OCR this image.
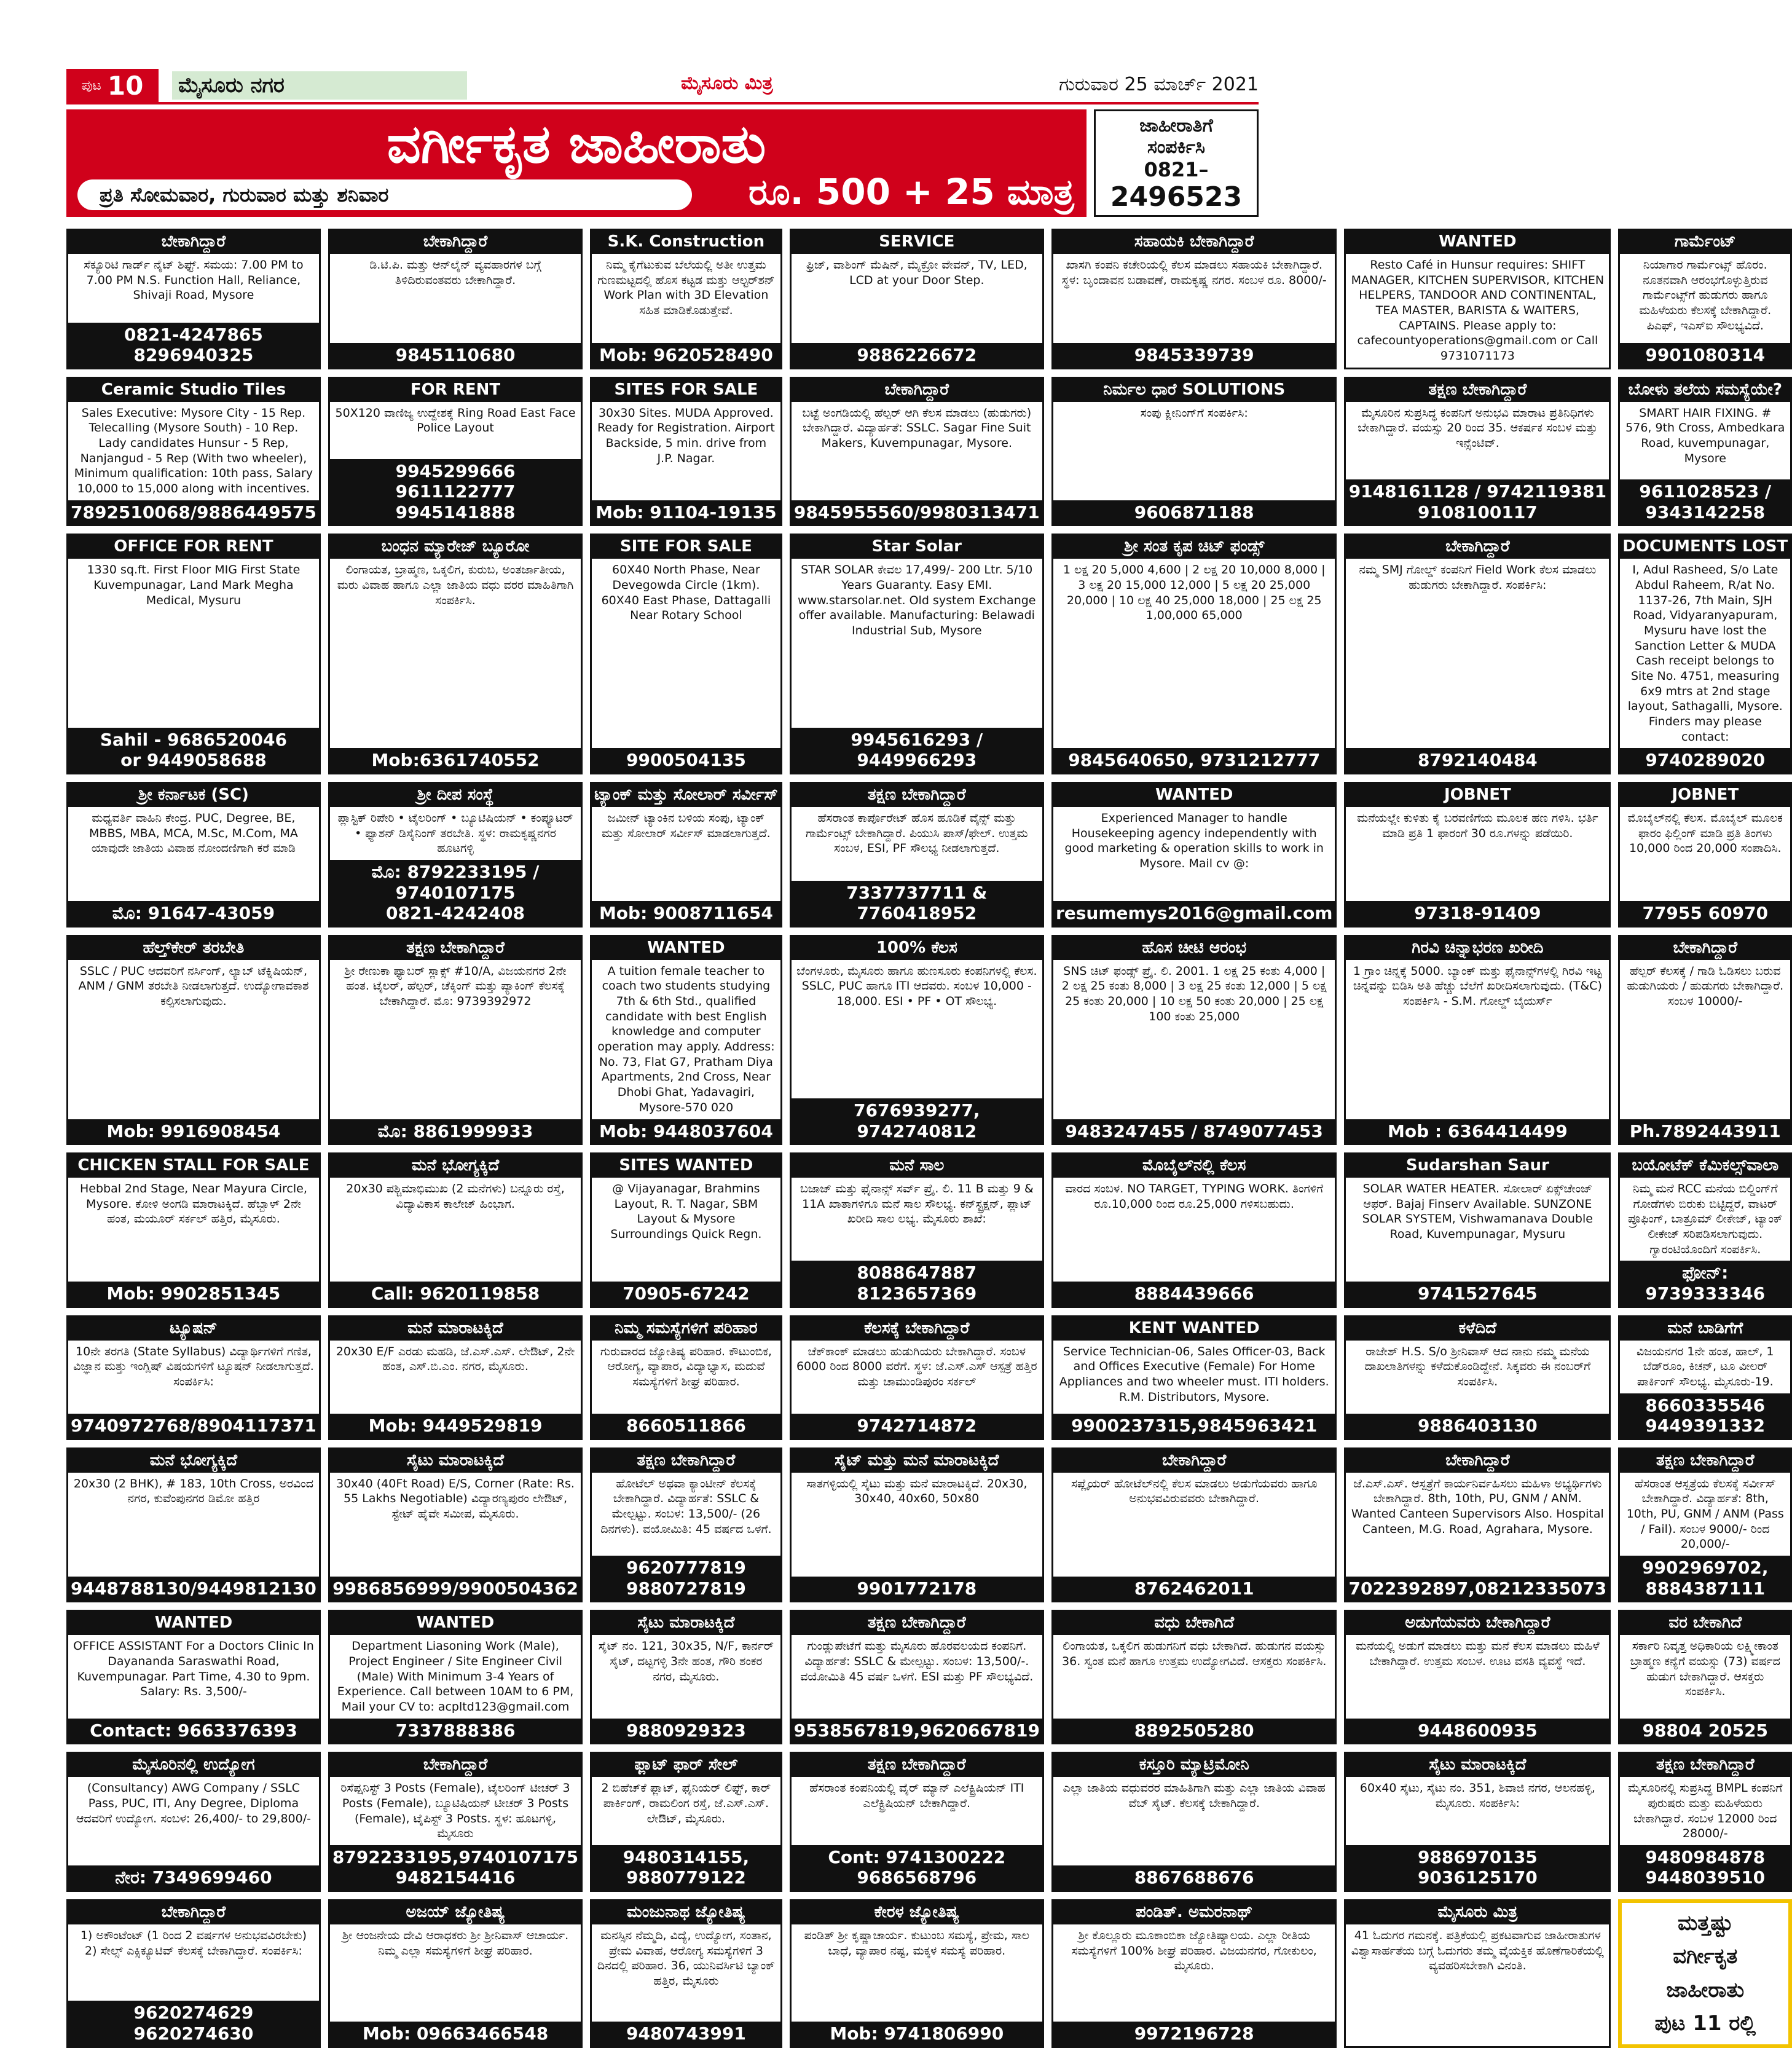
ಪುಟ 10 ಮೈಸೂರು ನಗರ	ಮೈಸೂರು ಮಿತ್ರ	ಗುರುವಾರ 25 ಮಾರ್ಚ್ 2021
ವರ್ಗೀಕೃತ ಜಾಹೀರಾತು
ಪ್ರತಿ ಸೋಮವಾರ, ಗುರುವಾರ ಮತ್ತು ಶನಿವಾರ	ರೂ. 500 + 25 ಮಾತ್ರ
ಜಾಹೀರಾತಿಗೆ
ಸಂಪರ್ಕಿಸಿ
0821–
2496523
ಬೇಕಾಗಿದ್ದಾರೆ
ಸೆಕ್ಯೂರಿಟಿ ಗಾರ್ಡ್ ನೈಟ್ ಶಿಫ್ಟ್. ಸಮಯ: 7.00 PM to 7.00 PM N.S. Function Hall, Reliance, Shivaji Road, Mysore
0821-4247865
8296940325
ಬೇಕಾಗಿದ್ದಾರೆ
ಡಿ.ಟಿ.ಪಿ. ಮತ್ತು ಆನ್‌ಲೈನ್ ವ್ಯವಹಾರಗಳ ಬಗ್ಗೆ ತಿಳಿದಿರುವಂತವರು ಬೇಕಾಗಿದ್ದಾರೆ.
9845110680
S.K. Construction
ನಿಮ್ಮ ಕೈಗೆಟುಕುವ ಬೆಲೆಯಲ್ಲಿ ಅತೀ ಉತ್ತಮ ಗುಣಮಟ್ಟದಲ್ಲಿ ಹೊಸ ಕಟ್ಟಡ ಮತ್ತು ಆಲ್ಟರ್‌ಶನ್ Work Plan with 3D Elevation ಸಹಿತ ಮಾಡಿಕೊಡುತ್ತೇವೆ.
Mob: 9620528490
SERVICE
ಫ್ರಿಜ್, ವಾಶಿಂಗ್ ಮೆಷಿನ್, ಮೈಕ್ರೋ ವೇವನ್, TV, LED, LCD at your Door Step.
9886226672
ಸಹಾಯಕಿ ಬೇಕಾಗಿದ್ದಾರೆ
ಖಾಸಗಿ ಕಂಪನಿ ಕಚೇರಿಯಲ್ಲಿ ಕೆಲಸ ಮಾಡಲು ಸಹಾಯಕಿ ಬೇಕಾಗಿದ್ದಾರೆ. ಸ್ಥಳ: ಬೃಂದಾವನ ಬಡಾವಣೆ, ರಾಮಕೃಷ್ಣ ನಗರ. ಸಂಬಳ ರೂ. 8000/-
9845339739
WANTED
Resto Café in Hunsur requires: SHIFT MANAGER, KITCHEN SUPERVISOR, KITCHEN HELPERS, TANDOOR AND CONTINENTAL, TEA MASTER, BARISTA & WAITERS, CAPTAINS. Please apply to: cafecountyoperations@gmail.com or Call 9731071173
ಗಾರ್ಮೆಂಟ್
ನಿಯಾಗಾರ ಗಾರ್ಮೆಂಟ್ಸ್ ಹೊರಂ. ನೂತನವಾಗಿ ಆರಂಭಗೊಳ್ಳುತ್ತಿರುವ ಗಾರ್ಮೆಂಟ್ಸ್‌ಗೆ ಹುಡುಗರು ಹಾಗೂ ಮಹಿಳೆಯರು ಕೆಲಸಕ್ಕೆ ಬೇಕಾಗಿದ್ದಾರೆ. ಪಿಎಫ್, ಇಎಸ್‌ಐ ಸೌಲಭ್ಯವಿದೆ.
9901080314
Ceramic Studio Tiles
Sales Executive: Mysore City - 15 Rep. Telecalling (Mysore South) - 10 Rep. Lady candidates Hunsur - 5 Rep, Nanjangud - 5 Rep (With two wheeler), Minimum qualification: 10th pass, Salary 10,000 to 15,000 along with incentives.
7892510068/9886449575
FOR RENT
50X120 ವಾಣಿಜ್ಯ ಉದ್ದೇಶಕ್ಕೆ Ring Road East Face Police Layout
9945299666
9611122777
9945141888
SITES FOR SALE
30x30 Sites. MUDA Approved. Ready for Registration. Airport Backside, 5 min. drive from J.P. Nagar.
Mob: 91104-19135
ಬೇಕಾಗಿದ್ದಾರೆ
ಬಟ್ಟೆ ಅಂಗಡಿಯಲ್ಲಿ ಹೆಲ್ಪರ್ ಆಗಿ ಕೆಲಸ ಮಾಡಲು (ಹುಡುಗರು) ಬೇಕಾಗಿದ್ದಾರೆ. ವಿದ್ಯಾರ್ಹತೆ: SSLC. Sagar Fine Suit Makers, Kuvempunagar, Mysore.
9845955560/9980313471
ನಿರ್ಮಲ ಧಾರೆ SOLUTIONS
ಸಂಪು ಕ್ಲೀನಿಂಗ್‌ಗೆ ಸಂಪರ್ಕಿಸಿ:
9606871188
ತಕ್ಷಣ ಬೇಕಾಗಿದ್ದಾರೆ
ಮೈಸೂರಿನ ಸುಪ್ರಸಿದ್ಧ ಕಂಪನಿಗೆ ಅನುಭವಿ ಮಾರಾಟ ಪ್ರತಿನಿಧಿಗಳು ಬೇಕಾಗಿದ್ದಾರೆ. ವಯಸ್ಸು 20 ರಿಂದ 35. ಆಕರ್ಷಕ ಸಂಬಳ ಮತ್ತು ಇನ್ಸೆಂಟಿವ್.
9148161128 / 9742119381
9108100117
ಬೋಳು ತಲೆಯ ಸಮಸ್ಯೆಯೇ?
SMART HAIR FIXING. # 576, 9th Cross, Ambedkara Road, kuvempunagar, Mysore
9611028523 / 9343142258
OFFICE FOR RENT
1330 sq.ft. First Floor MIG First State Kuvempunagar, Land Mark Megha Medical, Mysuru
Sahil - 9686520046
or 9449058688
ಬಂಧನ ಮ್ಯಾರೇಜ್ ಬ್ಯೂರೋ
ಲಿಂಗಾಯತ, ಬ್ರಾಹ್ಮಣ, ಒಕ್ಕಲಿಗ, ಕುರುಬ, ಅಂತರ್ಜಾತೀಯ, ಮರು ವಿವಾಹ ಹಾಗೂ ಎಲ್ಲಾ ಜಾತಿಯ ವಧು ವರರ ಮಾಹಿತಿಗಾಗಿ ಸಂಪರ್ಕಿಸಿ.
Mob:6361740552
SITE FOR SALE
60X40 North Phase, Near Devegowda Circle (1km). 60X40 East Phase, Dattagalli Near Rotary School
9900504135
Star Solar
STAR SOLAR ಕೇವಲ 17,499/- 200 Ltr. 5/10 Years Guaranty. Easy EMI. www.starsolar.net. Old system Exchange offer available. Manufacturing: Belawadi Industrial Sub, Mysore
9945616293 / 9449966293
ಶ್ರೀ ಸಂತ ಕೃಪ ಚಿಟ್ ಫಂಡ್ಸ್
1 ಲಕ್ಷ 20 5,000 4,600 | 2 ಲಕ್ಷ 20 10,000 8,000 | 3 ಲಕ್ಷ 20 15,000 12,000 | 5 ಲಕ್ಷ 20 25,000 20,000 | 10 ಲಕ್ಷ 40 25,000 18,000 | 25 ಲಕ್ಷ 25 1,00,000 65,000
9845640650, 9731212777
ಬೇಕಾಗಿದ್ದಾರೆ
ನಮ್ಮ SMJ ಗೋಲ್ಡ್ ಕಂಪನಿಗೆ Field Work ಕೆಲಸ ಮಾಡಲು ಹುಡುಗರು ಬೇಕಾಗಿದ್ದಾರೆ. ಸಂಪರ್ಕಿಸಿ:
8792140484
DOCUMENTS LOST
I, Adul Rasheed, S/o Late Abdul Raheem, R/at No. 1137-26, 7th Main, SJH Road, Vidyaranyapuram, Mysuru have lost the Sanction Letter & MUDA Cash receipt belongs to Site No. 4751, measuring 6x9 mtrs at 2nd stage layout, Sathagalli, Mysore. Finders may please contact:
9740289020
ಶ್ರೀ ಕರ್ನಾಟಕ (SC)
ಮಧ್ಯವರ್ತಿ ವಾಹಿನಿ ಕೇಂದ್ರ. PUC, Degree, BE, MBBS, MBA, MCA, M.Sc, M.Com, MA ಯಾವುದೇ ಜಾತಿಯ ವಿವಾಹ ನೋಂದಣಿಗಾಗಿ ಕರೆ ಮಾಡಿ
ಮೊ: 91647-43059
ಶ್ರೀ ದೀಪ ಸಂಸ್ಥೆ
ಪ್ಲಾಸ್ಟಿಕ್ ರಿಪೇರಿ • ಟೈಲರಿಂಗ್ • ಬ್ಯೂಟಿಷಿಯನ್ • ಕಂಪ್ಯೂಟರ್ • ಫ್ಯಾಶನ್ ಡಿಸೈನಿಂಗ್ ತರಬೇತಿ. ಸ್ಥಳ: ರಾಮಕೃಷ್ಣನಗರ ಹೂಟಗಳ್ಳಿ
ಮೊ: 8792233195 / 9740107175
0821-4242408
ಟ್ಯಾಂಕ್ ಮತ್ತು ಸೋಲಾರ್ ಸರ್ವೀಸ್
ಜಮೀನ್ ಟ್ಯಾಂಕಿನ ಬಳಿಯ ಸಂಪು, ಟ್ಯಾಂಕ್ ಮತ್ತು ಸೋಲಾರ್ ಸರ್ವೀಸ್ ಮಾಡಲಾಗುತ್ತದೆ.
Mob: 9008711654
ತಕ್ಷಣ ಬೇಕಾಗಿದ್ದಾರೆ
ಹೆಸರಾಂತ ಕಾರ್ಪೊರೇಟ್ ಹೊಸ ಹೂಡಿಕೆ ವೈನ್ಸ್ ಮತ್ತು ಗಾರ್ಮೆಂಟ್ಸ್ ಬೇಕಾಗಿದ್ದಾರೆ. ಪಿಯುಸಿ ಪಾಸ್/ಫೇಲ್. ಉತ್ತಮ ಸಂಬಳ, ESI, PF ಸೌಲಭ್ಯ ನೀಡಲಾಗುತ್ತದೆ.
7337737711 & 7760418952
WANTED
Experienced Manager to handle Housekeeping agency independently with good marketing & operation skills to work in Mysore. Mail cv @:
resumemys2016@gmail.com
JOBNET
ಮನೆಯಲ್ಲೇ ಕುಳಿತು ಕೈ ಬರವಣಿಗೆಯ ಮೂಲಕ ಹಣ ಗಳಿಸಿ. ಭರ್ತಿ ಮಾಡಿ ಪ್ರತಿ 1 ಫಾರಂಗೆ 30 ರೂ.ಗಳನ್ನು ಪಡೆಯಿರಿ.
97318-91409
JOBNET
ಮೊಬೈಲ್‌ನಲ್ಲಿ ಕೆಲಸ. ಮೊಬೈಲ್ ಮೂಲಕ ಫಾರಂ ಫಿಲ್ಲಿಂಗ್ ಮಾಡಿ ಪ್ರತಿ ತಿಂಗಳು 10,000 ರಿಂದ 20,000 ಸಂಪಾದಿಸಿ.
77955 60970
ಹೆಲ್ತ್‌ಕೇರ್ ತರಬೇತಿ
SSLC / PUC ಆದವರಿಗೆ ನರ್ಸಿಂಗ್, ಲ್ಯಾಬ್ ಟೆಕ್ನಿಷಿಯನ್, ANM / GNM ತರಬೇತಿ ನೀಡಲಾಗುತ್ತದೆ. ಉದ್ಯೋಗಾವಕಾಶ ಕಲ್ಪಿಸಲಾಗುವುದು.
Mob: 9916908454
ತಕ್ಷಣ ಬೇಕಾಗಿದ್ದಾರೆ
ಶ್ರೀ ರೇಣುಕಾ ಫ್ಯಾಬರ್ ಸ್ಲಾಕ್ಸ್ #10/A, ವಿಜಯನಗರ 2ನೇ ಹಂತ. ಟೈಲರ್, ಹೆಲ್ಪರ್, ಚೆಕ್ಕಿಂಗ್ ಮತ್ತು ಪ್ಯಾಕಿಂಗ್ ಕೆಲಸಕ್ಕೆ ಬೇಕಾಗಿದ್ದಾರೆ. ಮೊ: 9739392972
ಮೊ: 8861999933
WANTED
A tuition female teacher to coach two students studying 7th & 6th Std., qualified candidate with best English knowledge and computer operation may apply. Address: No. 73, Flat G7, Pratham Diya Apartments, 2nd Cross, Near Dhobi Ghat, Yadavagiri, Mysore-570 020
Mob: 9448037604
100% ಕೆಲಸ
ಬೆಂಗಳೂರು, ಮೈಸೂರು ಹಾಗೂ ಹುಣಸೂರು ಕಂಪನಿಗಳಲ್ಲಿ ಕೆಲಸ. SSLC, PUC ಹಾಗೂ ITI ಆದವರು. ಸಂಬಳ 10,000 - 18,000. ESI • PF • OT ಸೌಲಭ್ಯ.
7676939277, 9742740812
ಹೊಸ ಚೀಟಿ ಆರಂಭ
SNS ಚಿಟ್ ಫಂಡ್ಸ್ ಪ್ರೈ. ಲಿ. 2001. 1 ಲಕ್ಷ 25 ಕಂತು 4,000 | 2 ಲಕ್ಷ 25 ಕಂತು 8,000 | 3 ಲಕ್ಷ 25 ಕಂತು 12,000 | 5 ಲಕ್ಷ 25 ಕಂತು 20,000 | 10 ಲಕ್ಷ 50 ಕಂತು 20,000 | 25 ಲಕ್ಷ 100 ಕಂತು 25,000
9483247455 / 8749077453
ಗಿರವಿ ಚಿನ್ನಾಭರಣ ಖರೀದಿ
1 ಗ್ರಾಂ ಚಿನ್ನಕ್ಕೆ 5000. ಬ್ಯಾಂಕ್ ಮತ್ತು ಫೈನಾನ್ಸ್‌ಗಳಲ್ಲಿ ಗಿರವಿ ಇಟ್ಟ ಚಿನ್ನವನ್ನು ಬಿಡಿಸಿ ಅತಿ ಹೆಚ್ಚು ಬೆಲೆಗೆ ಖರೀದಿಸಲಾಗುವುದು. (T&C) ಸಂಪರ್ಕಿಸಿ - S.M. ಗೋಲ್ಡ್ ಬೈಯರ್ಸ್
Mob : 6364414499
ಬೇಕಾಗಿದ್ದಾರೆ
ಹೆಲ್ಪರ್ ಕೆಲಸಕ್ಕೆ / ಗಾಡಿ ಓಡಿಸಲು ಬರುವ ಹುಡುಗಿಯರು / ಹುಡುಗರು ಬೇಕಾಗಿದ್ದಾರೆ. ಸಂಬಳ 10000/-
Ph.7892443911
CHICKEN STALL FOR SALE
Hebbal 2nd Stage, Near Mayura Circle, Mysore. ಕೋಳಿ ಅಂಗಡಿ ಮಾರಾಟಕ್ಕಿದೆ. ಹೆಬ್ಬಾಳ್ 2ನೇ ಹಂತ, ಮಯೂರ್ ಸರ್ಕಲ್ ಹತ್ತಿರ, ಮೈಸೂರು.
Mob: 9902851345
ಮನೆ ಭೋಗ್ಯಕ್ಕಿದೆ
20x30 ಪಶ್ಚಿಮಾಭಿಮುಖ (2 ಮನೆಗಳು) ಬನ್ನೂರು ರಸ್ತೆ, ವಿದ್ಯಾವಿಕಾಸ ಕಾಲೇಜ್ ಹಿಂಭಾಗ.
Call: 9620119858
SITES WANTED
@ Vijayanagar, Brahmins Layout, R. T. Nagar, SBM Layout & Mysore Surroundings Quick Regn.
70905-67242
ಮನೆ ಸಾಲ
ಬಜಾಜ್ ಮತ್ತು ಫೈನಾನ್ಸ್ ಸರ್ವ್ ಪ್ರೈ. ಲಿ. 11 B ಮತ್ತು 9 & 11A ಖಾತಾಗಳಿಗೂ ಮನೆ ಸಾಲ ಸೌಲಭ್ಯ. ಕನ್‌ಸ್ಟ್ರಕ್ಷನ್, ಪ್ಲಾಟ್ ಖರೀದಿ ಸಾಲ ಲಭ್ಯ. ಮೈಸೂರು ಶಾಖೆ:
8088647887
8123657369
ಮೊಬೈಲ್‌ನಲ್ಲಿ ಕೆಲಸ
ವಾರದ ಸಂಬಳ. NO TARGET, TYPING WORK. ತಿಂಗಳಿಗೆ ರೂ.10,000 ರಿಂದ ರೂ.25,000 ಗಳಿಸಬಹುದು.
8884439666
Sudarshan Saur
SOLAR WATER HEATER. ಸೋಲಾರ್ ಏಕ್ಸ್‌ಚೇಂಜ್ ಆಫರ್. Bajaj Finserv Available. SUNZONE SOLAR SYSTEM, Vishwamanava Double Road, Kuvempunagar, Mysuru
9741527645
ಬಯೋಟೆಕ್ ಕೆಮಿಕಲ್ಸ್‌ವಾಲಾ
ನಿಮ್ಮ ಮನೆ RCC ಮನೆಯ ಬಿಲ್ಡಿಂಗ್‌ಗೆ ಗೋಡೆಗಳು ಬಿರುಕು ಬಿಟ್ಟಿದ್ದರೆ, ವಾಟರ್ ಪ್ರೂಫಿಂಗ್, ಬಾತ್ರೂಮ್ ಲೀಕೇಜ್, ಟ್ಯಾಂಕ್ ಲೀಕೇಜ್ ಸರಿಪಡಿಸಲಾಗುವುದು. ಗ್ಯಾರಂಟಿಯೊಂದಿಗೆ ಸಂಪರ್ಕಿಸಿ.
ಫೋನ್: 9739333346
ಟ್ಯೂಷನ್
10ನೇ ತರಗತಿ (State Syllabus) ವಿದ್ಯಾರ್ಥಿಗಳಿಗೆ ಗಣಿತ, ವಿಜ್ಞಾನ ಮತ್ತು ಇಂಗ್ಲಿಷ್ ವಿಷಯಗಳಿಗೆ ಟ್ಯೂಷನ್ ನೀಡಲಾಗುತ್ತದೆ. ಸಂಪರ್ಕಿಸಿ:
9740972768/8904117371
ಮನೆ ಮಾರಾಟಕ್ಕಿದೆ
20x30 E/F ಎರಡು ಮಹಡಿ, ಜೆ.ಎಸ್.ಎಸ್. ಲೇಔಟ್, 2ನೇ ಹಂತ, ಎಸ್.ಬಿ.ಎಂ. ನಗರ, ಮೈಸೂರು.
Mob: 9449529819
ನಿಮ್ಮ ಸಮಸ್ಯೆಗಳಿಗೆ ಪರಿಹಾರ
ಗುರುವಾರದ ಜ್ಯೋತಿಷ್ಯ ಪರಿಹಾರ. ಕೌಟುಂಬಿಕ, ಆರೋಗ್ಯ, ವ್ಯಾಪಾರ, ವಿದ್ಯಾಭ್ಯಾಸ, ಮದುವೆ ಸಮಸ್ಯೆಗಳಿಗೆ ಶೀಘ್ರ ಪರಿಹಾರ.
8660511866
ಕೆಲಸಕ್ಕೆ ಬೇಕಾಗಿದ್ದಾರೆ
ಚೆಕ್‌ಕಾಂಕ್ ಮಾಡಲು ಹುಡುಗಿಯರು ಬೇಕಾಗಿದ್ದಾರೆ. ಸಂಬಳ 6000 ರಿಂದ 8000 ವರೆಗೆ. ಸ್ಥಳ: ಜೆ.ಎಸ್.ಎಸ್ ಆಸ್ಪತ್ರೆ ಹತ್ತಿರ ಮತ್ತು ಚಾಮುಂಡಿಪುರಂ ಸರ್ಕಲ್
9742714872
KENT WANTED
Service Technician-06, Sales Officer-03, Back and Offices Executive (Female) For Home Appliances and two wheeler must. ITI holders. R.M. Distributors, Mysore.
9900237315,9845963421
ಕಳೆದಿದೆ
ರಾಜೇಶ್ H.S. S/o ಶ್ರೀನಿವಾಸ್ ಆದ ನಾನು ನಮ್ಮ ಮನೆಯ ದಾಖಲಾತಿಗಳನ್ನು ಕಳೆದುಕೊಂಡಿದ್ದೇನೆ. ಸಿಕ್ಕವರು ಈ ನಂಬರ್‌ಗೆ ಸಂಪರ್ಕಿಸಿ.
9886403130
ಮನೆ ಬಾಡಿಗೆಗೆ
ವಿಜಯನಗರ 1ನೇ ಹಂತ, ಹಾಲ್, 1 ಬೆಡ್‌ರೂಂ, ಕಿಚನ್, ಟೂ ವೀಲರ್ ಪಾರ್ಕಿಂಗ್ ಸೌಲಭ್ಯ. ಮೈಸೂರು-19.
8660335546
9449391332
ಮನೆ ಭೋಗ್ಯಕ್ಕಿದೆ
20x30 (2 BHK), # 183, 10th Cross, ಅರವಿಂದ ನಗರ, ಕುವೆಂಪುನಗರ ಡಿಮೋ ಹತ್ತಿರ
9448788130/9449812130
ಸೈಟು ಮಾರಾಟಕ್ಕಿದೆ
30x40 (40Ft Road) E/S, Corner (Rate: Rs. 55 Lakhs Negotiable) ವಿದ್ಯಾರಣ್ಯಪುರಂ ಲೇಔಟ್, ಸ್ಟೇಟ್ ಹೈವೇ ಸಮೀಪ, ಮೈಸೂರು.
9986856999/9900504362
ತಕ್ಷಣ ಬೇಕಾಗಿದ್ದಾರೆ
ಹೋಟೆಲ್ ಅಥವಾ ಕ್ಯಾಂಟೀನ್ ಕೆಲಸಕ್ಕೆ ಬೇಕಾಗಿದ್ದಾರೆ. ವಿದ್ಯಾರ್ಹತೆ: SSLC & ಮೇಲ್ಪಟ್ಟು. ಸಂಬಳ: 13,500/- (26 ದಿನಗಳು). ವಯೋಮಿತಿ: 45 ವರ್ಷದ ಒಳಗೆ.
9620777819
9880727819
ಸೈಟ್ ಮತ್ತು ಮನೆ ಮಾರಾಟಕ್ಕಿದೆ
ಸಾತಗಳ್ಳಿಯಲ್ಲಿ ಸೈಟು ಮತ್ತು ಮನೆ ಮಾರಾಟಕ್ಕಿದೆ. 20x30, 30x40, 40x60, 50x80
9901772178
ಬೇಕಾಗಿದ್ದಾರೆ
ಸಪ್ಲೈಯರ್ ಹೋಟೆಲ್‌ನಲ್ಲಿ ಕೆಲಸ ಮಾಡಲು ಅಡುಗೆಯವರು ಹಾಗೂ ಅನುಭವವಿರುವವರು ಬೇಕಾಗಿದ್ದಾರೆ.
8762462011
ಬೇಕಾಗಿದ್ದಾರೆ
ಜೆ.ಎಸ್.ಎಸ್. ಆಸ್ಪತ್ರೆಗೆ ಕಾರ್ಯನಿರ್ವಹಿಸಲು ಮಹಿಳಾ ಅಭ್ಯರ್ಥಿಗಳು ಬೇಕಾಗಿದ್ದಾರೆ. 8th, 10th, PU, GNM / ANM. Wanted Canteen Supervisors Also. Hospital Canteen, M.G. Road, Agrahara, Mysore.
7022392897,08212335073
ತಕ್ಷಣ ಬೇಕಾಗಿದ್ದಾರೆ
ಹೆಸರಾಂತ ಆಸ್ಪತ್ರೆಯ ಕೆಲಸಕ್ಕೆ ಸರ್ವೀಸ್ ಬೇಕಾಗಿದ್ದಾರೆ. ವಿದ್ಯಾರ್ಹತೆ: 8th, 10th, PU, GNM / ANM (Pass / Fail). ಸಂಬಳ 9000/- ರಿಂದ 20,000/-
9902969702, 8884387111
WANTED
OFFICE ASSISTANT For a Doctors Clinic In Dayananda Saraswathi Road, Kuvempunagar. Part Time, 4.30 to 9pm. Salary: Rs. 3,500/-
Contact: 9663376393
WANTED
Department Liasoning Work (Male), Project Engineer / Site Engineer Civil (Male) With Minimum 3-4 Years of Experience. Call between 10AM to 6 PM, Mail your CV to: acpltd123@gmail.com
7337888386
ಸೈಟು ಮಾರಾಟಕ್ಕಿದೆ
ಸೈಟ್ ನಂ. 121, 30x35, N/F, ಕಾರ್ನರ್ ಸೈಟ್, ದಟ್ಟಗಳ್ಳಿ 3ನೇ ಹಂತ, ಗೌರಿ ಶಂಕರ ನಗರ, ಮೈಸೂರು.
9880929323
ತಕ್ಷಣ ಬೇಕಾಗಿದ್ದಾರೆ
ಗುಂಡ್ಲುಪೇಟೆಗೆ ಮತ್ತು ಮೈಸೂರು ಹೊರವಲಯದ ಕಂಪನಿಗೆ. ವಿದ್ಯಾರ್ಹತೆ: SSLC & ಮೇಲ್ಪಟ್ಟು. ಸಂಬಳ: 13,500/-. ವಯೋಮಿತಿ 45 ವರ್ಷ ಒಳಗೆ. ESI ಮತ್ತು PF ಸೌಲಭ್ಯವಿದೆ.
9538567819,9620667819
ವಧು ಬೇಕಾಗಿದೆ
ಲಿಂಗಾಯತ, ಒಕ್ಕಲಿಗ ಹುಡುಗನಿಗೆ ವಧು ಬೇಕಾಗಿದೆ. ಹುಡುಗನ ವಯಸ್ಸು 36. ಸ್ವಂತ ಮನೆ ಹಾಗೂ ಉತ್ತಮ ಉದ್ಯೋಗವಿದೆ. ಆಸಕ್ತರು ಸಂಪರ್ಕಿಸಿ.
8892505280
ಅಡುಗೆಯವರು ಬೇಕಾಗಿದ್ದಾರೆ
ಮನೆಯಲ್ಲಿ ಅಡುಗೆ ಮಾಡಲು ಮತ್ತು ಮನೆ ಕೆಲಸ ಮಾಡಲು ಮಹಿಳೆ ಬೇಕಾಗಿದ್ದಾರೆ. ಉತ್ತಮ ಸಂಬಳ. ಊಟ ವಸತಿ ವ್ಯವಸ್ಥೆ ಇದೆ.
9448600935
ವರ ಬೇಕಾಗಿದೆ
ಸರ್ಕಾರಿ ನಿವೃತ್ತ ಅಧಿಕಾರಿಯ ಲಕ್ಷ್ಮೀಕಾಂತ ಬ್ರಾಹ್ಮಣ ಕನ್ಯೆಗೆ ವಯಸ್ಸು (73) ವರ್ಷದ ಹುಡುಗ ಬೇಕಾಗಿದ್ದಾರೆ. ಆಸಕ್ತರು ಸಂಪರ್ಕಿಸಿ.
98804 20525
ಮೈಸೂರಿನಲ್ಲಿ ಉದ್ಯೋಗ
(Consultancy) AWG Company / SSLC Pass, PUC, ITI, Any Degree, Diploma ಆದವರಿಗೆ ಉದ್ಯೋಗ. ಸಂಬಳ: 26,400/- to 29,800/-
ನೇರ: 7349699460
ಬೇಕಾಗಿದ್ದಾರೆ
ರಿಸೆಪ್ಷನಿಸ್ಟ್ 3 Posts (Female), ಟೈಲರಿಂಗ್ ಟೀಚರ್ 3 Posts (Female), ಬ್ಯೂಟಿಷಿಯನ್ ಟೀಚರ್ 3 Posts (Female), ಟೈಪಿಸ್ಟ್ 3 Posts. ಸ್ಥಳ: ಹೂಟಗಳ್ಳಿ, ಮೈಸೂರು
8792233195,9740107175
9482154416
ಫ್ಲಾಟ್ ಫಾರ್ ಸೇಲ್
2 ಬಿಹೆಚ್‌ಕೆ ಫ್ಲಾಟ್, ಫೈನಿಯರ್ ಲಿಫ್ಟ್, ಕಾರ್ ಪಾರ್ಕಿಂಗ್, ರಾಮಲಿಂಗ ರಸ್ತೆ, ಜೆ.ಎಸ್.ಎಸ್. ಲೇಔಟ್, ಮೈಸೂರು.
9480314155,
9880779122
ತಕ್ಷಣ ಬೇಕಾಗಿದ್ದಾರೆ
ಹೆಸರಾಂತ ಕಂಪನಿಯಲ್ಲಿ ವೈರ್ ಮ್ಯಾನ್ ಎಲೆಕ್ಟ್ರಿಷಿಯನ್ ITI ಎಲೆಕ್ಟ್ರಿಷಿಯನ್ ಬೇಕಾಗಿದ್ದಾರೆ.
Cont: 9741300222
9686568796
ಕಸ್ತೂರಿ ಮ್ಯಾಟ್ರಿಮೋನಿ
ಎಲ್ಲಾ ಜಾತಿಯ ವಧುವರರ ಮಾಹಿತಿಗಾಗಿ ಮತ್ತು ಎಲ್ಲಾ ಜಾತಿಯ ವಿವಾಹ ವೆಬ್ ಸೈಟ್. ಕೆಲಸಕ್ಕೆ ಬೇಕಾಗಿದ್ದಾರೆ.
8867688676
ಸೈಟು ಮಾರಾಟಕ್ಕಿದೆ
60x40 ಸೈಟು, ಸೈಟು ನಂ. 351, ಶಿವಾಜಿ ನಗರ, ಆಲನಹಳ್ಳಿ, ಮೈಸೂರು. ಸಂಪರ್ಕಿಸಿ:
9886970135
9036125170
ತಕ್ಷಣ ಬೇಕಾಗಿದ್ದಾರೆ
ಮೈಸೂರಿನಲ್ಲಿ ಸುಪ್ರಸಿದ್ಧ BMPL ಕಂಪನಿಗೆ ಪುರುಷರು ಮತ್ತು ಮಹಿಳೆಯರು ಬೇಕಾಗಿದ್ದಾರೆ. ಸಂಬಳ 12000 ರಿಂದ 28000/-
9480984878
9448039510
ಬೇಕಾಗಿದ್ದಾರೆ
1) ಅಕೌಂಟೆಂಟ್ (1 ರಿಂದ 2 ವರ್ಷಗಳ ಅನುಭವವಿರಬೇಕು) 2) ಸೇಲ್ಸ್ ಎಕ್ಸಿಕ್ಯೂಟಿವ್ ಕೆಲಸಕ್ಕೆ ಬೇಕಾಗಿದ್ದಾರೆ. ಸಂಪರ್ಕಿಸಿ:
9620274629
9620274630
ಅಜಯ್ ಜ್ಯೋತಿಷ್ಯ
ಶ್ರೀ ಆಂಜನೇಯ ದೇವಿ ಆರಾಧಕರು ಶ್ರೀ ಶ್ರೀನಿವಾಸ್ ಆಚಾರ್ಯ. ನಿಮ್ಮ ಎಲ್ಲಾ ಸಮಸ್ಯೆಗಳಿಗೆ ಶೀಘ್ರ ಪರಿಹಾರ.
Mob: 09663466548
ಮಂಜುನಾಥ ಜ್ಯೋತಿಷ್ಯ
ಮನಸ್ಸಿನ ನೆಮ್ಮದಿ, ವಿದ್ಯೆ, ಉದ್ಯೋಗ, ಸಂತಾನ, ಪ್ರೇಮ ವಿವಾಹ, ಆರೋಗ್ಯ ಸಮಸ್ಯೆಗಳಿಗೆ 3 ದಿನದಲ್ಲಿ ಪರಿಹಾರ. 36, ಯುನಿವರ್ಸಿಟಿ ಬ್ಯಾಂಕ್ ಹತ್ತಿರ, ಮೈಸೂರು
9480743991
ಕೇರಳ ಜ್ಯೋತಿಷ್ಯ
ಪಂಡಿತ್ ಶ್ರೀ ಕೃಷ್ಣಾಚಾರ್ಯ. ಕುಟುಂಬ ಸಮಸ್ಯೆ, ಪ್ರೇಮ, ಸಾಲ ಬಾಧೆ, ವ್ಯಾಪಾರ ನಷ್ಟ, ಮಕ್ಕಳ ಸಮಸ್ಯೆ ಪರಿಹಾರ.
Mob: 9741806990
ಪಂಡಿತ್. ಅಮರನಾಥ್
ಶ್ರೀ ಕೊಲ್ಲೂರು ಮೂಕಾಂಬಿಕಾ ಜ್ಯೋತಿಷ್ಯಾಲಯ. ಎಲ್ಲಾ ರೀತಿಯ ಸಮಸ್ಯೆಗಳಿಗೆ 100% ಶೀಘ್ರ ಪರಿಹಾರ. ವಿಜಯನಗರ, ಗೋಕುಲಂ, ಮೈಸೂರು.
9972196728
ಮೈಸೂರು ಮಿತ್ರ
41 ಓದುಗರ ಗಮನಕ್ಕೆ. ಪತ್ರಿಕೆಯಲ್ಲಿ ಪ್ರಕಟವಾಗುವ ಜಾಹೀರಾತುಗಳ ವಿಶ್ವಾಸಾರ್ಹತೆಯ ಬಗ್ಗೆ ಓದುಗರು ತಮ್ಮ ವೈಯಕ್ತಿಕ ಹೊಣೆಗಾರಿಕೆಯಲ್ಲಿ ವ್ಯವಹರಿಸಬೇಕಾಗಿ ವಿನಂತಿ.
ಮತ್ತಷ್ಟು
ವರ್ಗೀಕೃತ
ಜಾಹೀರಾತು
ಪುಟ 11 ರಲ್ಲಿ
